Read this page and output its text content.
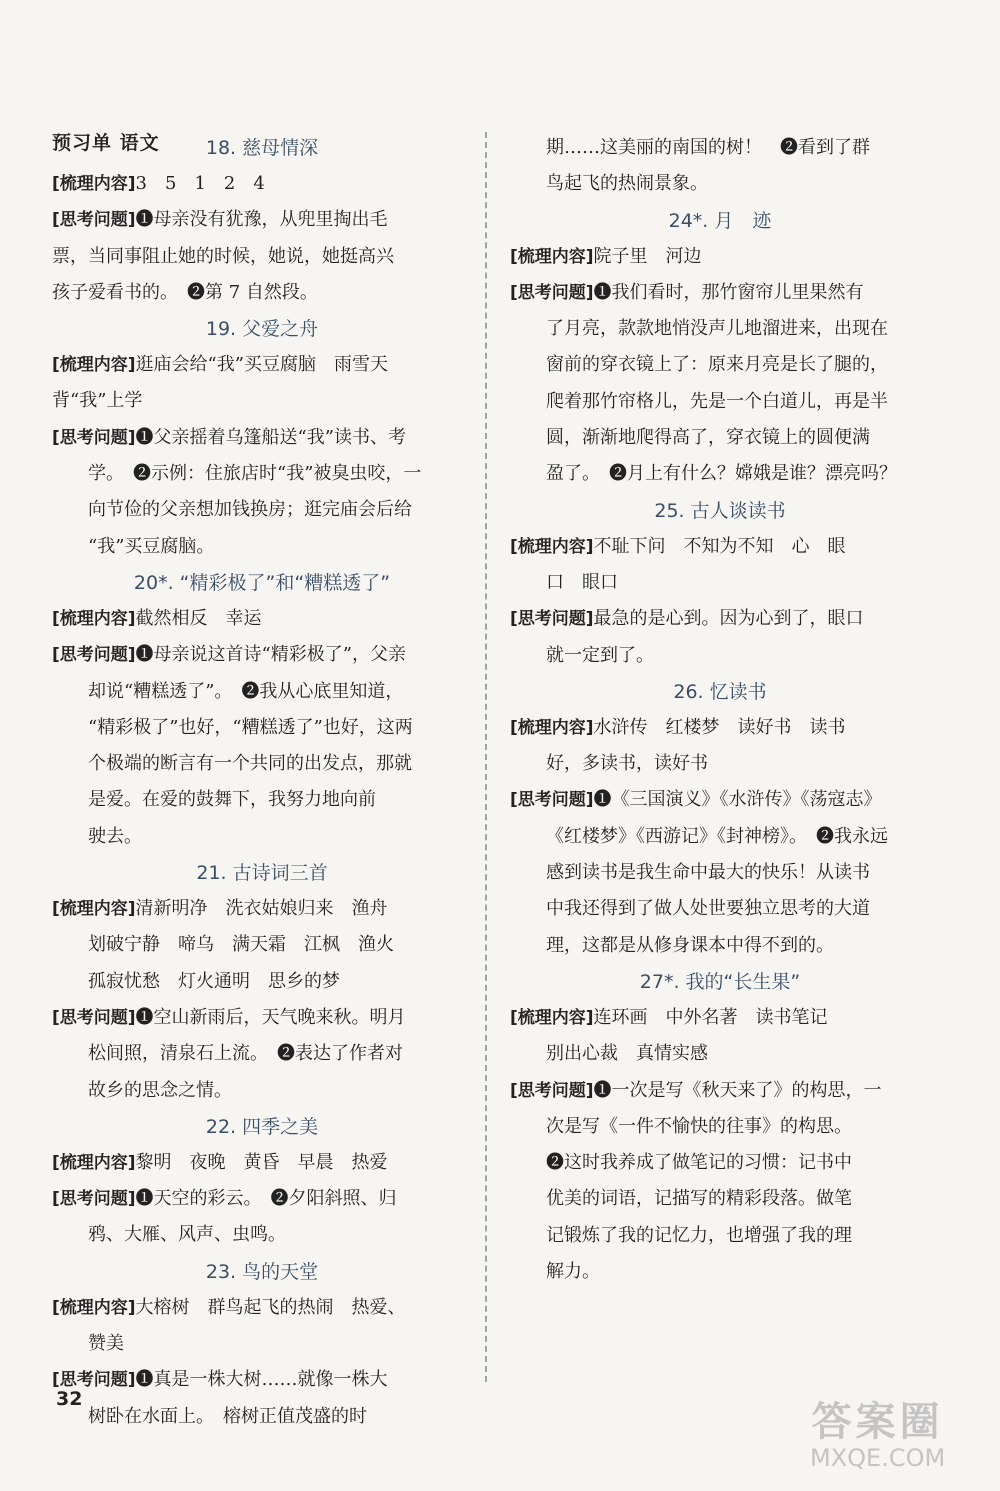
预习单 语文	18. 慈母情深
[梳理内容]3　5　1　2　4
[思考问题]❶母亲没有犹豫，从兜里掏出毛
票，当同事阻止她的时候，她说，她挺高兴
孩子爱看书的。　❷第 7 自然段。
19. 父爱之舟
[梳理内容]逛庙会给“我”买豆腐脑　雨雪天
背“我”上学
[思考问题]❶父亲摇着乌篷船送“我”读书、考
学。　❷示例：住旅店时“我”被臭虫咬，一
向节俭的父亲想加钱换房；逛完庙会后给
“我”买豆腐脑。
20*. “精彩极了”和“糟糕透了”
[梳理内容]截然相反　幸运
[思考问题]❶母亲说这首诗“精彩极了”，父亲
却说“糟糕透了”。　❷我从心底里知道，
“精彩极了”也好，“糟糕透了”也好，这两
个极端的断言有一个共同的出发点，那就
是爱。在爱的鼓舞下，我努力地向前
驶去。
21. 古诗词三首
[梳理内容]清新明净　洗衣姑娘归来　渔舟
划破宁静　啼乌　满天霜　江枫　渔火
孤寂忧愁　灯火通明　思乡的梦
[思考问题]❶空山新雨后，天气晚来秋。明月
松间照，清泉石上流。　❷表达了作者对
故乡的思念之情。
22. 四季之美
[梳理内容]黎明　夜晚　黄昏　早晨　热爱
[思考问题]❶天空的彩云。　❷夕阳斜照、归
鸦、大雁、风声、虫鸣。
23. 鸟的天堂
[梳理内容]大榕树　群鸟起飞的热闹　热爱、
赞美
[思考问题]❶真是一株大树……就像一株大
树卧在水面上。　榕树正值茂盛的时
期……这美丽的南国的树！　❷看到了群
鸟起飞的热闹景象。
24*. 月　迹
[梳理内容]院子里　河边
[思考问题]❶我们看时，那竹窗帘儿里果然有
了月亮，款款地悄没声儿地溜进来，出现在
窗前的穿衣镜上了：原来月亮是长了腿的，
爬着那竹帘格儿，先是一个白道儿，再是半
圆，渐渐地爬得高了，穿衣镜上的圆便满
盈了。　❷月上有什么？嫦娥是谁？漂亮吗？
25. 古人谈读书
[梳理内容]不耻下问　不知为不知　心　眼
口　眼口
[思考问题]最急的是心到。因为心到了，眼口
就一定到了。
26. 忆读书
[梳理内容]水浒传　红楼梦　读好书　读书
好，多读书，读好书
[思考问题]❶《三国演义》《水浒传》《荡寇志》
《红楼梦》《西游记》《封神榜》。　❷我永远
感到读书是我生命中最大的快乐！从读书
中我还得到了做人处世要独立思考的大道
理，这都是从修身课本中得不到的。
27*. 我的“长生果”
[梳理内容]连环画　中外名著　读书笔记
别出心裁　真情实感
[思考问题]❶一次是写《秋天来了》的构思，一
次是写《一件不愉快的往事》的构思。
❷这时我养成了做笔记的习惯：记书中
优美的词语，记描写的精彩段落。做笔
记锻炼了我的记忆力，也增强了我的理
解力。
32	答案圈
MXQE.COM
